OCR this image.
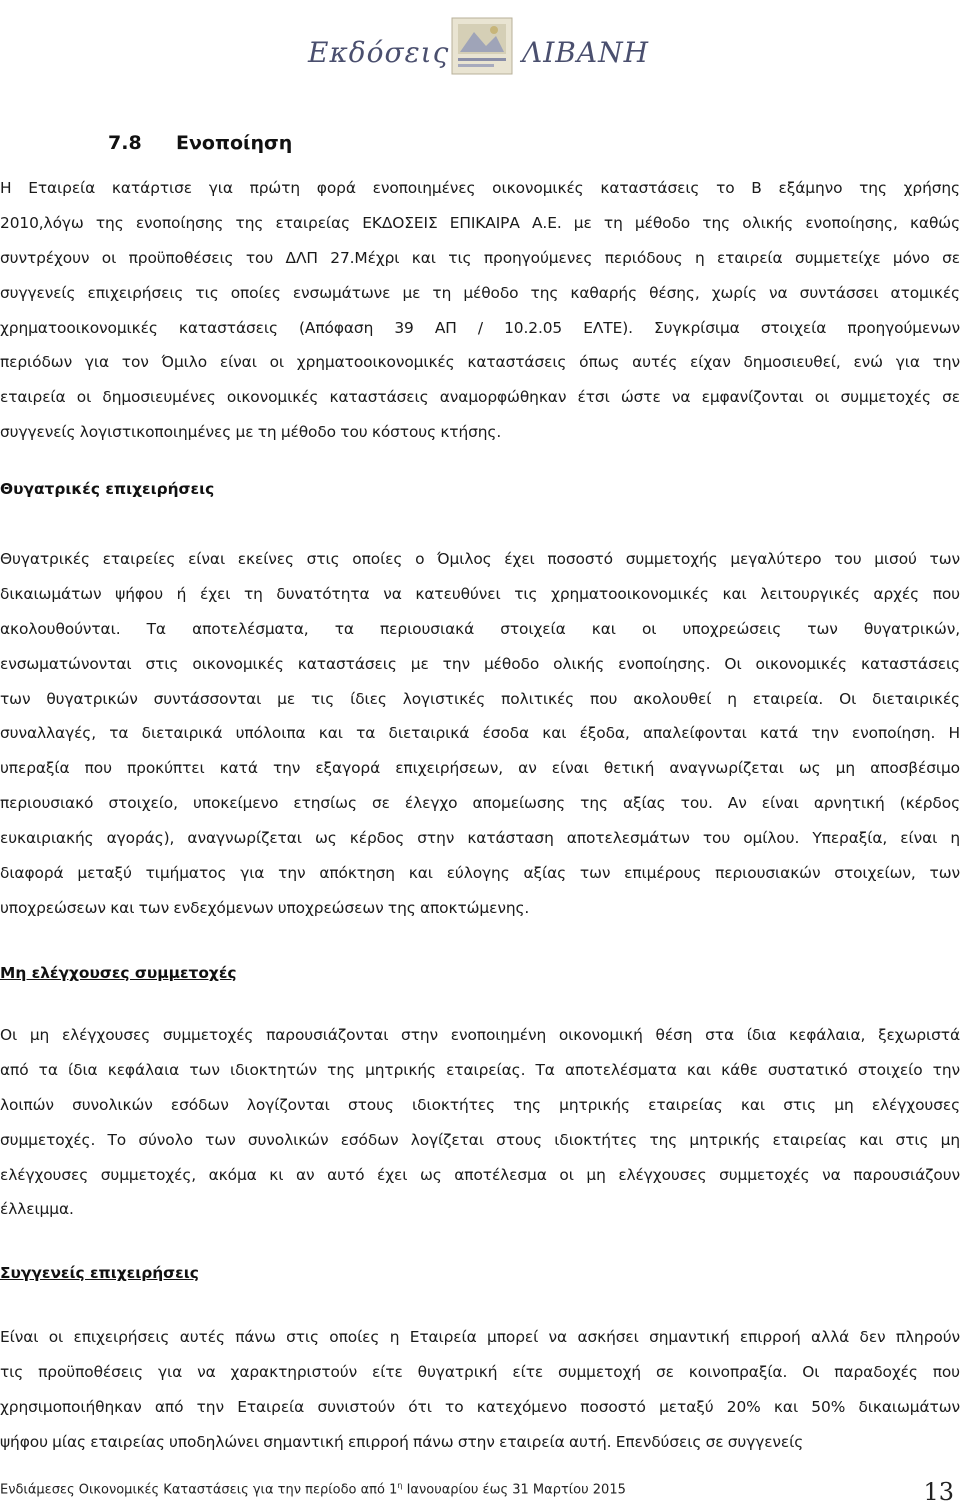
Εκδόσεις	ΛΙΒΑΝΗ
7.8 Ενοποίηση

Η Εταιρεία κατάρτισε για πρώτη φορά ενοποιημένες οικονομικές καταστάσεις το Β εξάμηνο της χρήσης
2010,λόγω της ενοποίησης της εταιρείας ΕΚΔΟΣΕΙΣ ΕΠΙΚΑΙΡΑ Α.Ε. με τη μέθοδο της ολικής ενοποίησης, καθώς
συντρέχουν οι προϋποθέσεις του ΔΛΠ 27.Μέχρι και τις προηγούμενες περιόδους η εταιρεία συμμετείχε μόνο σε
συγγενείς επιχειρήσεις τις οποίες ενσωμάτωνε με τη μέθοδο της καθαρής θέσης, χωρίς να συντάσσει ατομικές
χρηματοοικονομικές καταστάσεις (Απόφαση 39 ΑΠ / 10.2.05 ΕΛΤΕ). Συγκρίσιμα στοιχεία προηγούμενων
περιόδων για τον Όμιλο είναι οι χρηματοοικονομικές καταστάσεις όπως αυτές είχαν δημοσιευθεί, ενώ για την
εταιρεία οι δημοσιευμένες οικονομικές καταστάσεις αναμορφώθηκαν έτσι ώστε να εμφανίζονται οι συμμετοχές σε
συγγενείς λογιστικοποιημένες με τη μέθοδο του κόστους κτήσης.

Θυγατρικές επιχειρήσεις

Θυγατρικές εταιρείες είναι εκείνες στις οποίες ο Όμιλος έχει ποσοστό συμμετοχής μεγαλύτερο του μισού των
δικαιωμάτων ψήφου ή έχει τη δυνατότητα να κατευθύνει τις χρηματοοικονομικές και λειτουργικές αρχές που
ακολουθούνται. Τα αποτελέσματα, τα περιουσιακά στοιχεία και οι υποχρεώσεις των θυγατρικών,
ενσωματώνονται στις οικονομικές καταστάσεις με την μέθοδο ολικής ενοποίησης. Οι οικονομικές καταστάσεις
των θυγατρικών συντάσσονται με τις ίδιες λογιστικές πολιτικές που ακολουθεί η εταιρεία. Οι διεταιρικές
συναλλαγές, τα διεταιρικά υπόλοιπα και τα διεταιρικά έσοδα και έξοδα, απαλείφονται κατά την ενοποίηση. Η
υπεραξία που προκύπτει κατά την εξαγορά επιχειρήσεων, αν είναι θετική αναγνωρίζεται ως μη αποσβέσιμο
περιουσιακό στοιχείο, υποκείμενο ετησίως σε έλεγχο απομείωσης της αξίας του. Αν είναι αρνητική (κέρδος
ευκαιριακής αγοράς), αναγνωρίζεται ως κέρδος στην κατάσταση αποτελεσμάτων του ομίλου. Υπεραξία, είναι η
διαφορά μεταξύ τιμήματος για την απόκτηση και εύλογης αξίας των επιμέρους περιουσιακών στοιχείων, των
υποχρεώσεων και των ενδεχόμενων υποχρεώσεων της αποκτώμενης.

Μη ελέγχουσες συμμετοχές

Οι μη ελέγχουσες συμμετοχές παρουσιάζονται στην ενοποιημένη οικονομική θέση στα ίδια κεφάλαια, ξεχωριστά
από τα ίδια κεφάλαια των ιδιοκτητών της μητρικής εταιρείας. Τα αποτελέσματα και κάθε συστατικό στοιχείο την
λοιπών συνολικών εσόδων λογίζονται στους ιδιοκτήτες της μητρικής εταιρείας και στις μη ελέγχουσες
συμμετοχές. Το σύνολο των συνολικών εσόδων λογίζεται στους ιδιοκτήτες της μητρικής εταιρείας και στις μη
ελέγχουσες συμμετοχές, ακόμα κι αν αυτό έχει ως αποτέλεσμα οι μη ελέγχουσες συμμετοχές να παρουσιάζουν
έλλειμμα.

Συγγενείς επιχειρήσεις

Είναι οι επιχειρήσεις αυτές πάνω στις οποίες η Εταιρεία μπορεί να ασκήσει σημαντική επιρροή αλλά δεν πληρούν
τις προϋποθέσεις για να χαρακτηριστούν είτε θυγατρική είτε συμμετοχή σε κοινοπραξία. Οι παραδοχές που
χρησιμοποιήθηκαν από την Εταιρεία συνιστούν ότι το κατεχόμενο ποσοστό μεταξύ 20% και 50% δικαιωμάτων
ψήφου μίας εταιρείας υποδηλώνει σημαντική επιρροή πάνω στην εταιρεία αυτή. Επενδύσεις σε συγγενείς

Ενδιάμεσες Οικονομικές Καταστάσεις για την περίοδο από $1^\eta$ Ιανουαρίου έως 31 Μαρτίου 2015	13
